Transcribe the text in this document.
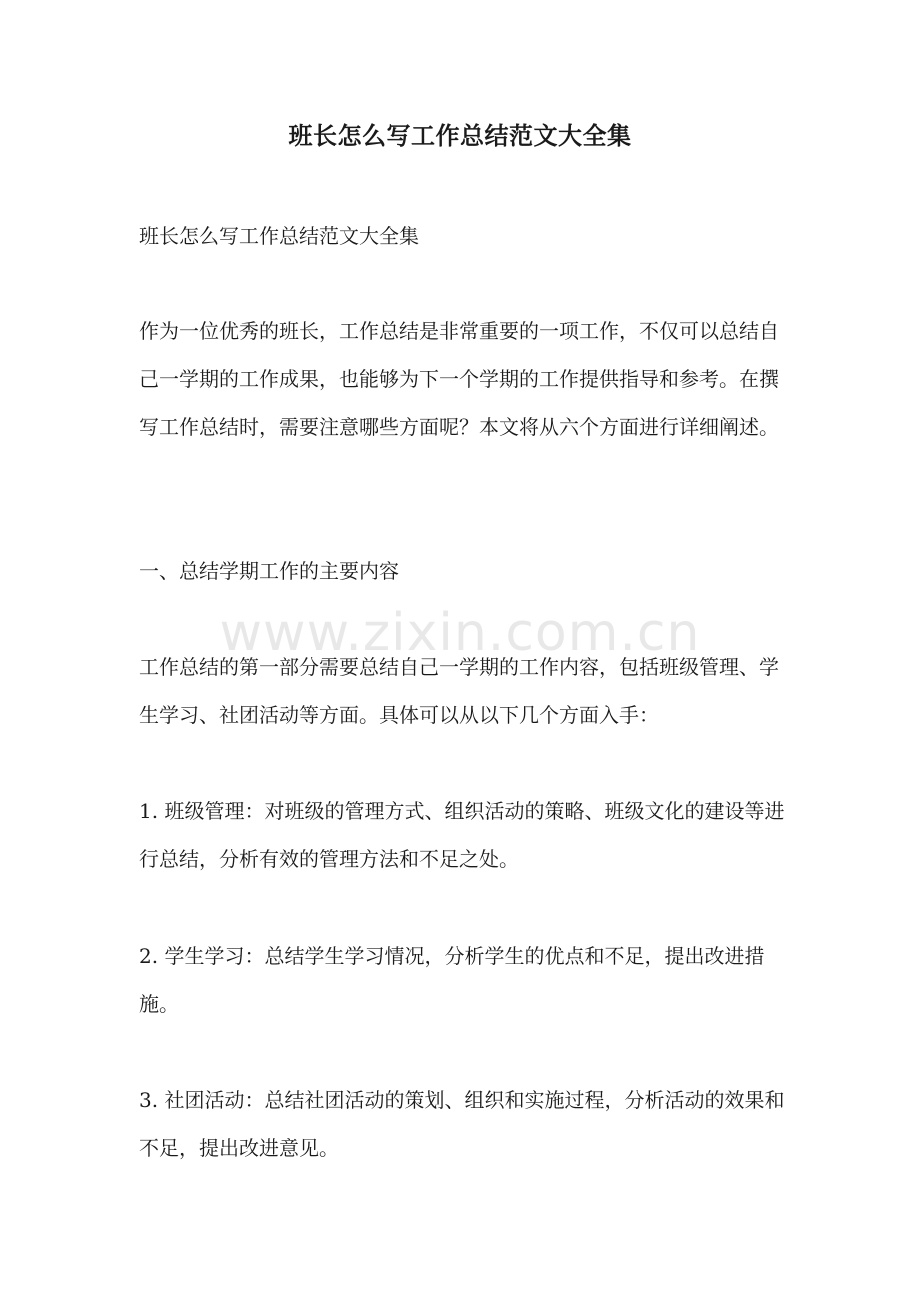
班长怎么写工作总结范文大全集

班长怎么写工作总结范文大全集

作为一位优秀的班长，工作总结是非常重要的一项工作，不仅可以总结自己一学期的工作成果，也能够为下一个学期的工作提供指导和参考。在撰写工作总结时，需要注意哪些方面呢？本文将从六个方面进行详细阐述。

一、总结学期工作的主要内容

工作总结的第一部分需要总结自己一学期的工作内容，包括班级管理、学生学习、社团活动等方面。具体可以从以下几个方面入手：

1. 班级管理：对班级的管理方式、组织活动的策略、班级文化的建设等进行总结，分析有效的管理方法和不足之处。

2. 学生学习：总结学生学习情况，分析学生的优点和不足，提出改进措施。

3. 社团活动：总结社团活动的策划、组织和实施过程，分析活动的效果和不足，提出改进意见。

www.zixin.com.cn
